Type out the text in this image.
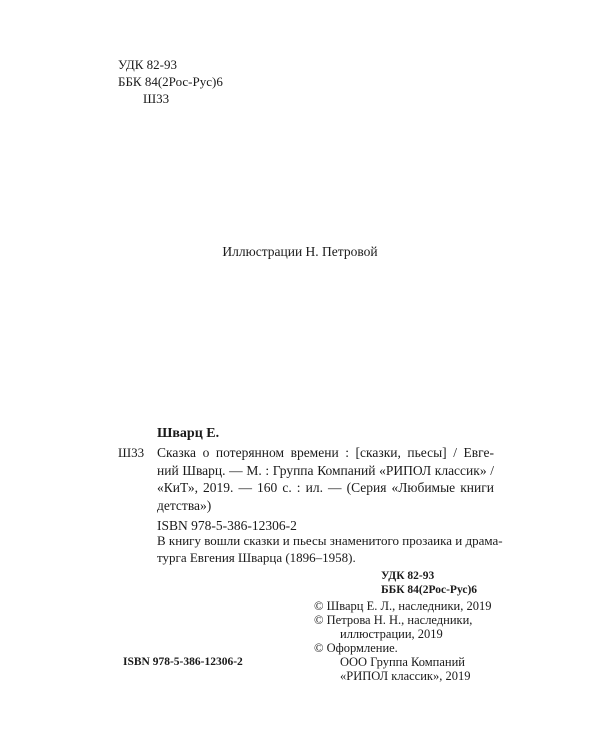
УДК 82-93
ББК 84(2Рос-Рус)6
Ш33
Иллюстрации Н. Петровой
Шварц Е.
Ш33 Сказка о потерянном времени : [сказки, пьесы] / Евге-
ний Шварц. — М. : Группа Компаний «РИПОЛ классик» /
«КиТ», 2019. — 160 с. : ил. — (Серия «Любимые книги
детства»)
ISBN 978-5-386-12306-2
В книгу вошли сказки и пьесы знаменитого прозаика и драма-
турга Евгения Шварца (1896–1958).
УДК 82-93
ББК 84(2Рос-Рус)6
© Шварц Е. Л., наследники, 2019
© Петрова Н. Н., наследники,
иллюстрации, 2019
© Оформление.
ООО Группа Компаний
«РИПОЛ классик», 2019
ISBN 978-5-386-12306-2
